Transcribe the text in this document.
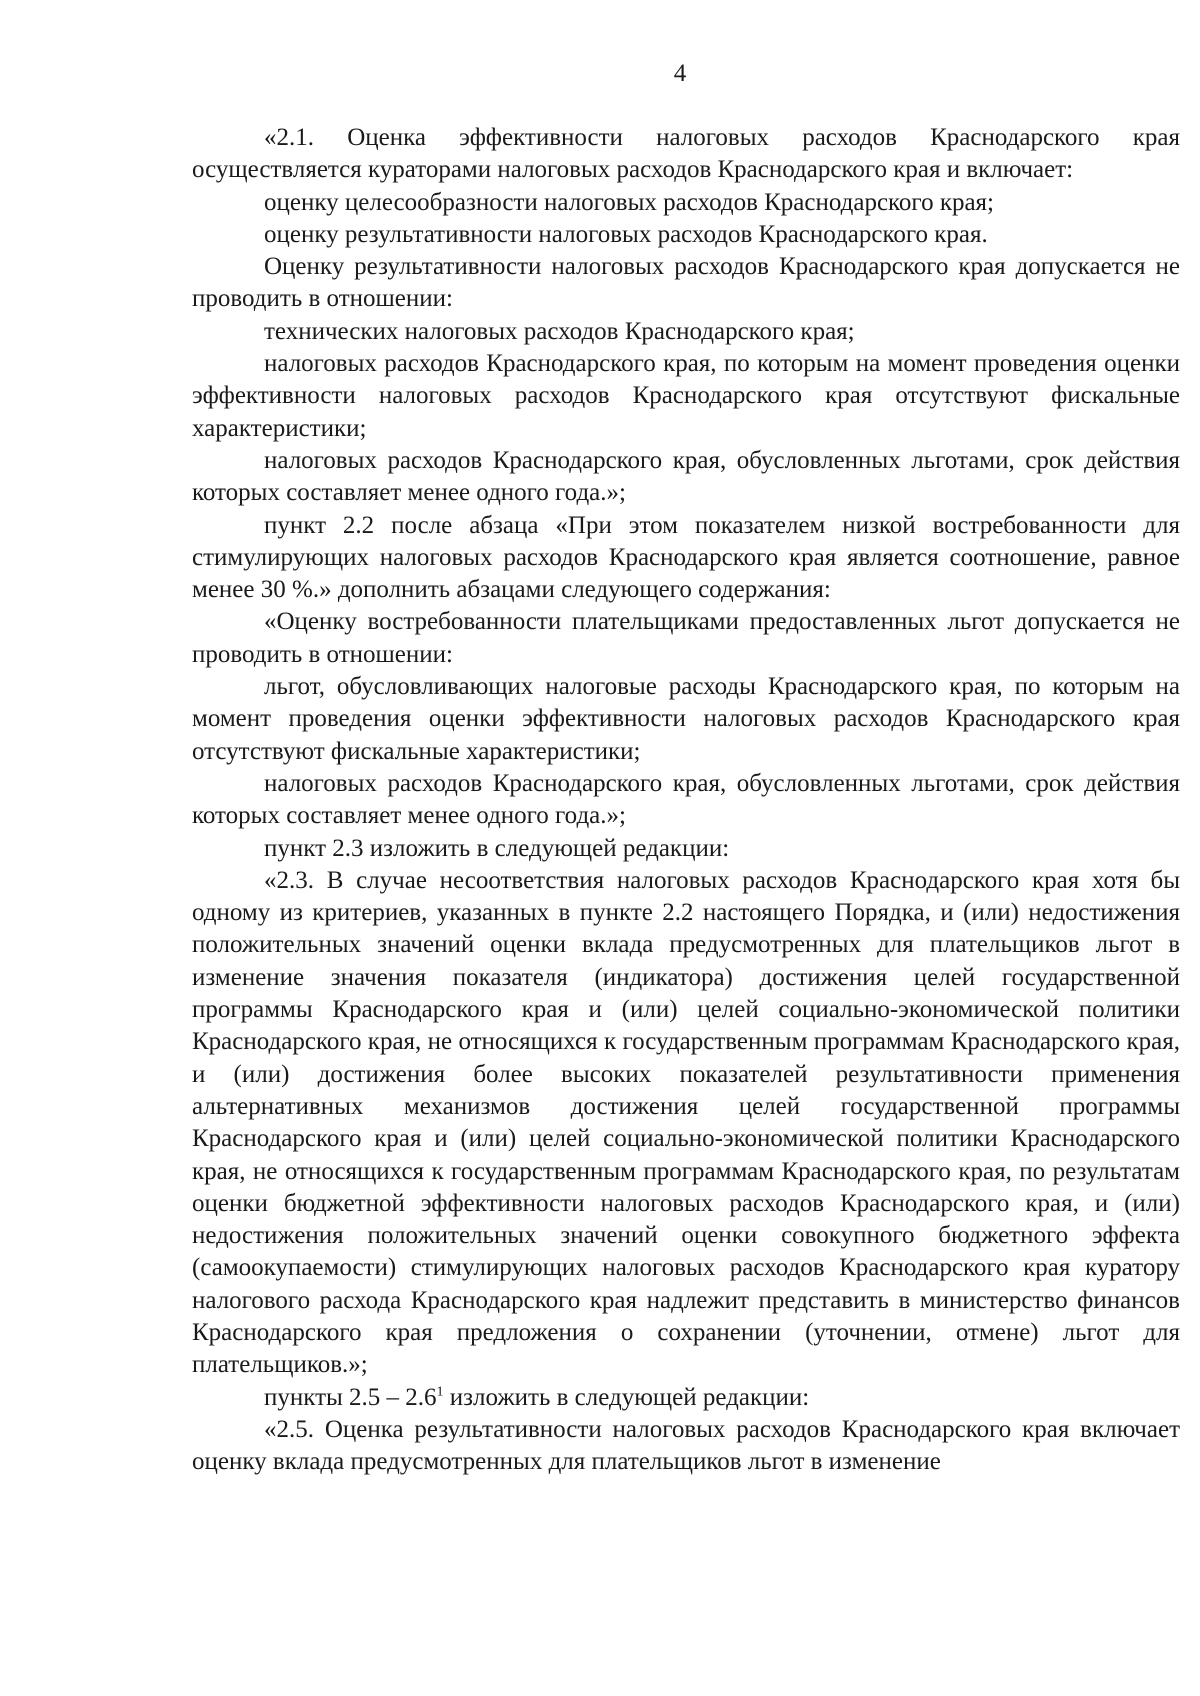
4

«2.1. Оценка эффективности налоговых расходов Краснодарского края осуществляется кураторами налоговых расходов Краснодарского края и включает:

оценку целесообразности налоговых расходов Краснодарского края;

оценку результативности налоговых расходов Краснодарского края.

Оценку результативности налоговых расходов Краснодарского края допускается не проводить в отношении:

технических налоговых расходов Краснодарского края;

налоговых расходов Краснодарского края, по которым на момент проведения оценки эффективности налоговых расходов Краснодарского края отсутствуют фискальные характеристики;

налоговых расходов Краснодарского края, обусловленных льготами, срок действия которых составляет менее одного года.»;

пункт 2.2 после абзаца «При этом показателем низкой востребованности для стимулирующих налоговых расходов Краснодарского края является соотношение, равное менее 30 %.» дополнить абзацами следующего содержания:

«Оценку востребованности плательщиками предоставленных льгот допускается не проводить в отношении:

льгот, обусловливающих налоговые расходы Краснодарского края, по которым на момент проведения оценки эффективности налоговых расходов Краснодарского края отсутствуют фискальные характеристики;

налоговых расходов Краснодарского края, обусловленных льготами, срок действия которых составляет менее одного года.»;

пункт 2.3 изложить в следующей редакции:

«2.3. В случае несоответствия налоговых расходов Краснодарского края хотя бы одному из критериев, указанных в пункте 2.2 настоящего Порядка, и (или) недостижения положительных значений оценки вклада предусмотренных для плательщиков льгот в изменение значения показателя (индикатора) достижения целей государственной программы Краснодарского края и (или) целей социально-экономической политики Краснодарского края, не относящихся к государственным программам Краснодарского края, и (или) достижения более высоких показателей результативности применения альтернативных механизмов достижения целей государственной программы Краснодарского края и (или) целей социально-экономической политики Краснодарского края, не относящихся к государственным программам Краснодарского края, по результатам оценки бюджетной эффективности налоговых расходов Краснодарского края, и (или) недостижения положительных значений оценки совокупного бюджетного эффекта (самоокупаемости) стимулирующих налоговых расходов Краснодарского края куратору налогового расхода Краснодарского края надлежит представить в министерство финансов Краснодарского края предложения о сохранении (уточнении, отмене) льгот для плательщиков.»;

пункты $2.5 - 2.6^1$ изложить в следующей редакции:

«2.5. Оценка результативности налоговых расходов Краснодарского края включает оценку вклада предусмотренных для плательщиков льгот в изменение
